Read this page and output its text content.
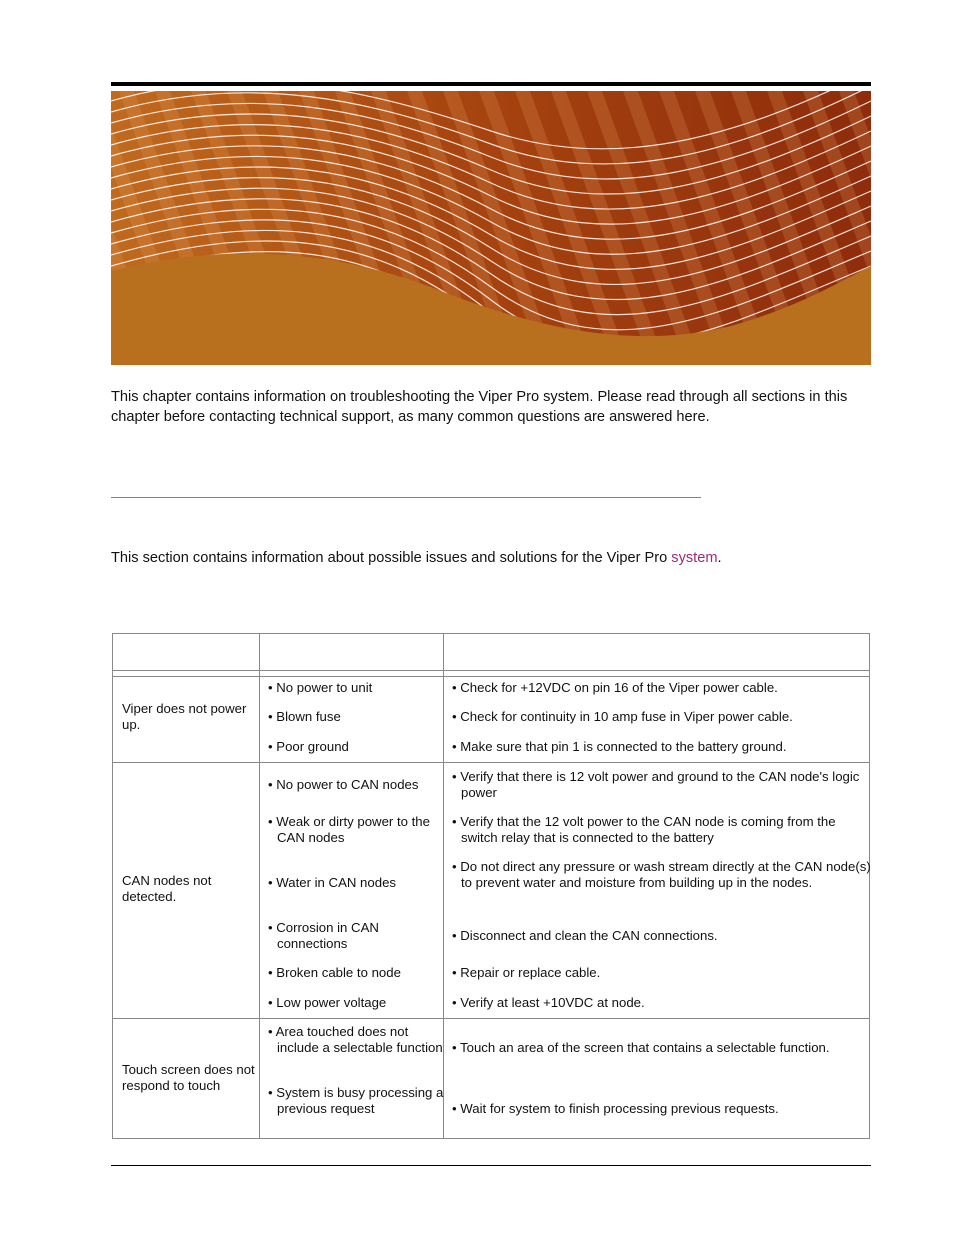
This chapter contains information on troubleshooting the Viper Pro system. Please read through all sections in this chapter before contacting technical support, as many common questions are answered here.

This section contains information about possible issues and solutions for the Viper Pro system.
Viper does not power up.
• No power to unit
• Blown fuse
• Poor ground
• Check for +12VDC on pin 16 of the Viper power cable.
• Check for continuity in 10 amp fuse in Viper power cable.
• Make sure that pin 1 is connected to the battery ground.
CAN nodes not detected.
• No power to CAN nodes
• Weak or dirty power to the CAN nodes
• Water in CAN nodes
• Corrosion in CAN connections
• Broken cable to node
• Low power voltage
• Verify that there is 12 volt power and ground to the CAN node's logic power
• Verify that the 12 volt power to the CAN node is coming from the switch relay that is connected to the battery
• Do not direct any pressure or wash stream directly at the CAN node(s) to prevent water and moisture from building up in the nodes.
• Disconnect and clean the CAN connections.
• Repair or replace cable.
• Verify at least +10VDC at node.
Touch screen does not respond to touch
• Area touched does not include a selectable function
• System is busy processing a previous request
• Touch an area of the screen that contains a selectable function.
• Wait for system to finish processing previous requests.
